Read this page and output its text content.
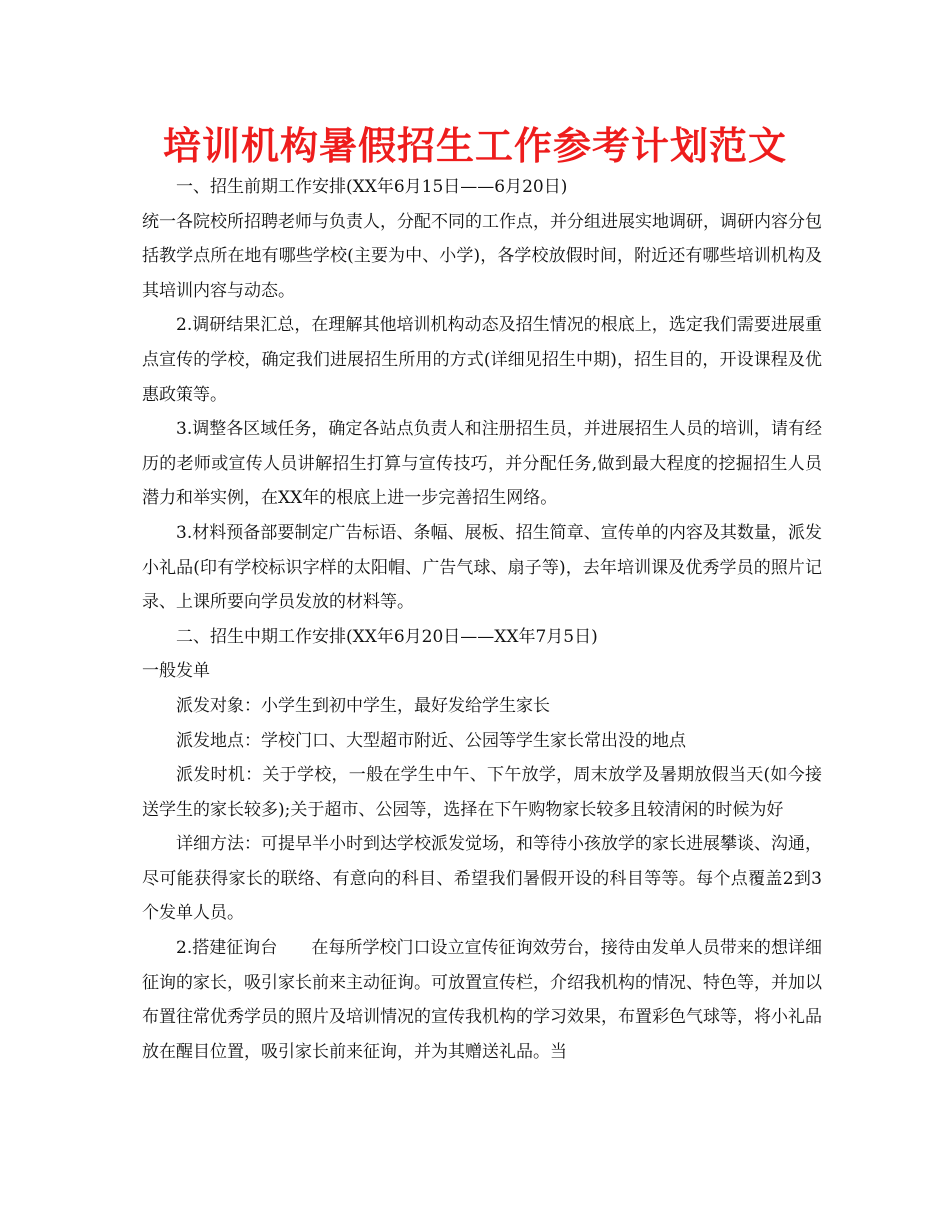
培训机构暑假招生工作参考计划范文

一、招生前期工作安排(XX年6月15日——6月20日)

统一各院校所招聘老师与负责人，分配不同的工作点，并分组进展实地调研，调研内容分包括教学点所在地有哪些学校(主要为中、小学)，各学校放假时间，附近还有哪些培训机构及其培训内容与动态。

2.调研结果汇总，在理解其他培训机构动态及招生情况的根底上，选定我们需要进展重点宣传的学校，确定我们进展招生所用的方式(详细见招生中期)，招生目的，开设课程及优惠政策等。

3.调整各区域任务，确定各站点负责人和注册招生员，并进展招生人员的培训，请有经历的老师或宣传人员讲解招生打算与宣传技巧，并分配任务,做到最大程度的挖掘招生人员潜力和举实例，在XX年的根底上进一步完善招生网络。

3.材料预备部要制定广告标语、条幅、展板、招生简章、宣传单的内容及其数量，派发小礼品(印有学校标识字样的太阳帽、广告气球、扇子等)，去年培训课及优秀学员的照片记录、上课所要向学员发放的材料等。

二、招生中期工作安排(XX年6月20日——XX年7月5日)

一般发单

派发对象：小学生到初中学生，最好发给学生家长

派发地点：学校门口、大型超市附近、公园等学生家长常出没的地点

派发时机：关于学校，一般在学生中午、下午放学，周末放学及暑期放假当天(如今接送学生的家长较多);关于超市、公园等，选择在下午购物家长较多且较清闲的时候为好

详细方法：可提早半小时到达学校派发觉场，和等待小孩放学的家长进展攀谈、沟通，尽可能获得家长的联络、有意向的科目、希望我们暑假开设的科目等等。每个点覆盖2到3个发单人员。

2.搭建征询台　　在每所学校门口设立宣传征询效劳台，接待由发单人员带来的想详细征询的家长，吸引家长前来主动征询。可放置宣传栏，介绍我机构的情况、特色等，并加以布置往常优秀学员的照片及培训情况的宣传我机构的学习效果，布置彩色气球等，将小礼品放在醒目位置，吸引家长前来征询，并为其赠送礼品。当
